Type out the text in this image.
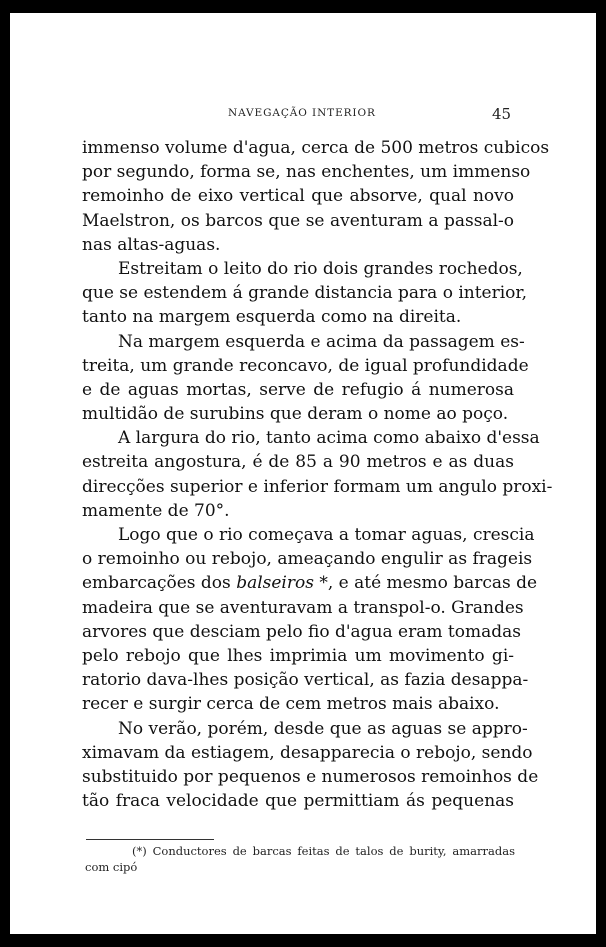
NAVEGAÇÃO INTERIOR	45
immenso volume d'agua, cerca de 500 metros cubicos
por segundo, forma se, nas enchentes, um immenso
remoinho de eixo vertical que absorve, qual novo
Maelstron, os barcos que se aventuram a passal-o
nas altas-aguas.
Estreitam o leito do rio dois grandes rochedos,
que se estendem á grande distancia para o interior,
tanto na margem esquerda como na direita.
Na margem esquerda e acima da passagem es-
treita, um grande reconcavo, de igual profundidade
e de aguas mortas, serve de refugio á numerosa
multidão de surubins que deram o nome ao poço.
A largura do rio, tanto acima como abaixo d'essa
estreita angostura, é de 85 a 90 metros e as duas
direcções superior e inferior formam um angulo proxi-
mamente de 70°.
Logo que o rio começava a tomar aguas, crescia
o remoinho ou rebojo, ameaçando engulir as frageis
embarcações dos balseiros *, e até mesmo barcas de
madeira que se aventuravam a transpol-o. Grandes
arvores que desciam pelo fio d'agua eram tomadas
pelo rebojo que lhes imprimia um movimento gi-
ratorio dava-lhes posição vertical, as fazia desappa-
recer e surgir cerca de cem metros mais abaixo.
No verão, porém, desde que as aguas se appro-
ximavam da estiagem, desapparecia o rebojo, sendo
substituido por pequenos e numerosos remoinhos de
tão fraca velocidade que permittiam ás pequenas
(*) Conductores de barcas feitas de talos de burity, amarradas
com cipó
